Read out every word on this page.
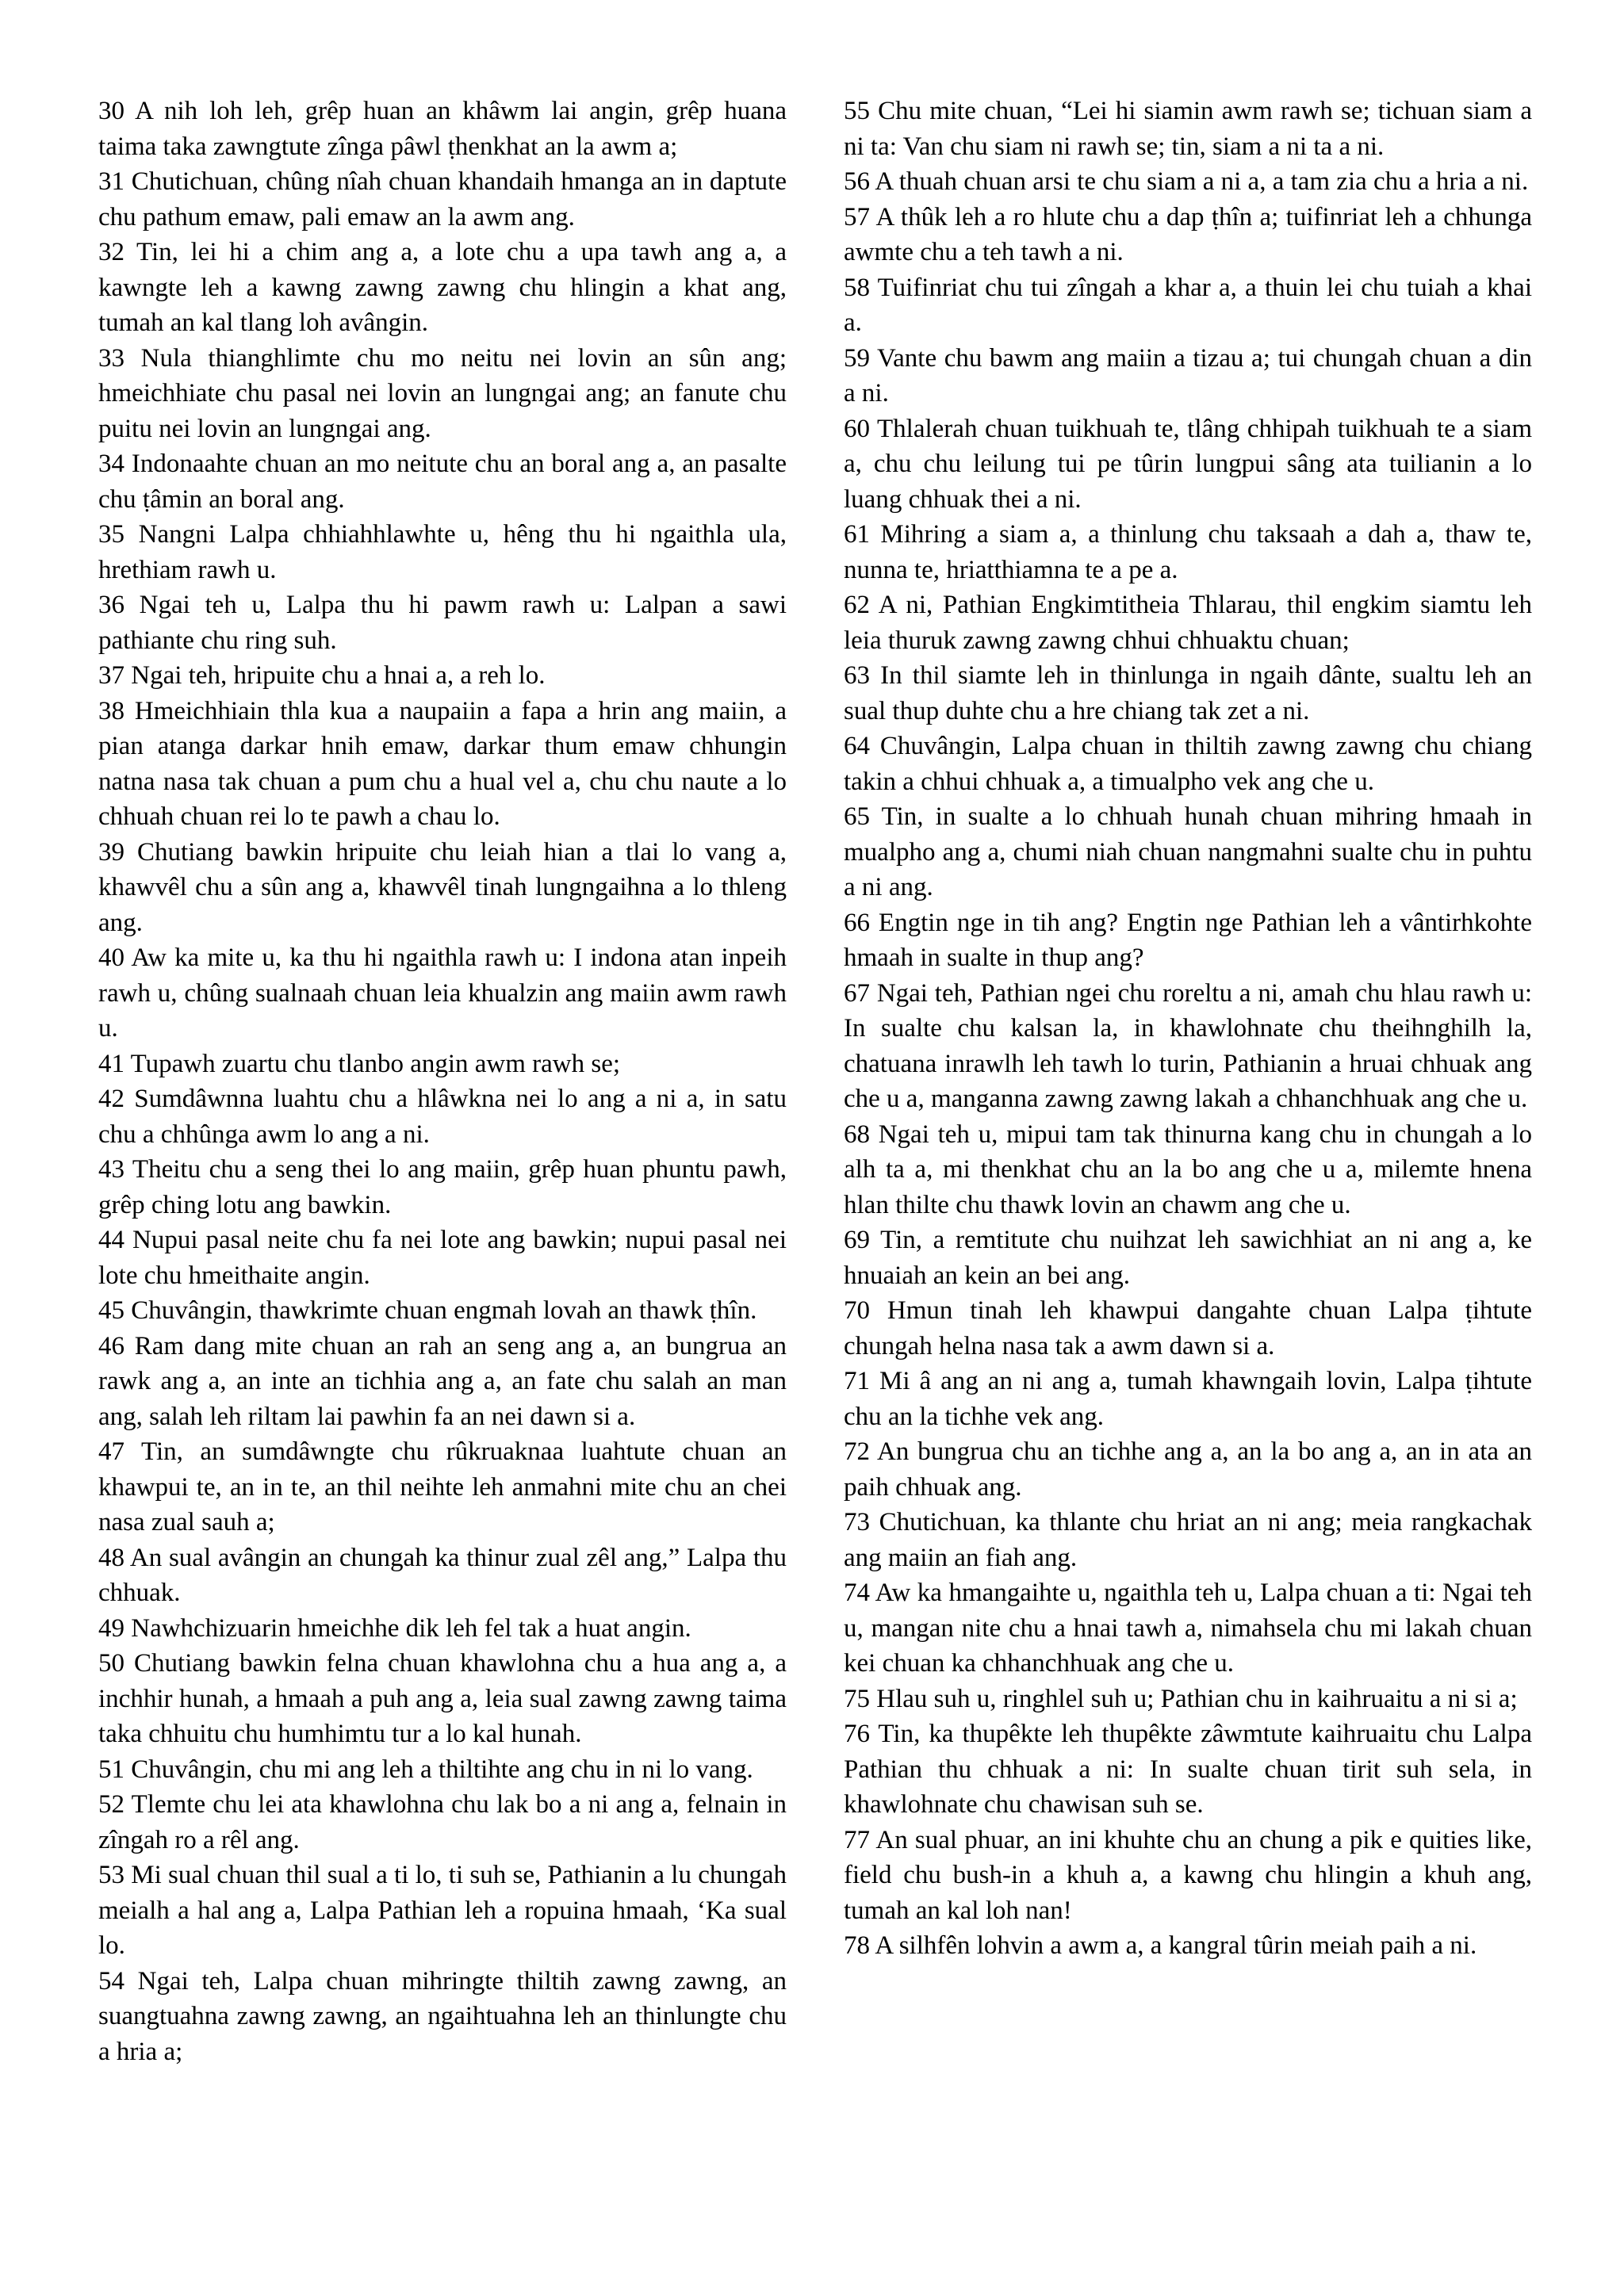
30 A nih loh leh, grêp huan an khâwm lai angin, grêp huana taima taka zawngtute zînga pâwl ṭhenkhat an la awm a;

31 Chutichuan, chûng nîah chuan khandaih hmanga an in daptute chu pathum emaw, pali emaw an la awm ang.

32 Tin, lei hi a chim ang a, a lote chu a upa tawh ang a, a kawngte leh a kawng zawng zawng chu hlingin a khat ang, tumah an kal tlang loh avângin.

33 Nula thianghlimte chu mo neitu nei lovin an sûn ang; hmeichhiate chu pasal nei lovin an lungngai ang; an fanute chu puitu nei lovin an lungngai ang.

34 Indonaahte chuan an mo neitute chu an boral ang a, an pasalte chu ṭâmin an boral ang.

35 Nangni Lalpa chhiahhlawhte u, hêng thu hi ngaithla ula, hrethiam rawh u.

36 Ngai teh u, Lalpa thu hi pawm rawh u: Lalpan a sawi pathiante chu ring suh.

37 Ngai teh, hripuite chu a hnai a, a reh lo.

38 Hmeichhiain thla kua a naupaiin a fapa a hrin ang maiin, a pian atanga darkar hnih emaw, darkar thum emaw chhungin natna nasa tak chuan a pum chu a hual vel a, chu chu naute a lo chhuah chuan rei lo te pawh a chau lo.

39 Chutiang bawkin hripuite chu leiah hian a tlai lo vang a, khawvêl chu a sûn ang a, khawvêl tinah lungngaihna a lo thleng ang.

40 Aw ka mite u, ka thu hi ngaithla rawh u: I indona atan inpeih rawh u, chûng sualnaah chuan leia khualzin ang maiin awm rawh u.

41 Tupawh zuartu chu tlanbo angin awm rawh se;

42 Sumdâwnna luahtu chu a hlâwkna nei lo ang a ni a, in satu chu a chhûnga awm lo ang a ni.

43 Theitu chu a seng thei lo ang maiin, grêp huan phuntu pawh, grêp ching lotu ang bawkin.

44 Nupui pasal neite chu fa nei lote ang bawkin; nupui pasal nei lote chu hmeithaite angin.

45 Chuvângin, thawkrimte chuan engmah lovah an thawk ṭhîn.

46 Ram dang mite chuan an rah an seng ang a, an bungrua an rawk ang a, an inte an tichhia ang a, an fate chu salah an man ang, salah leh riltam lai pawhin fa an nei dawn si a.

47 Tin, an sumdâwngte chu rûkruaknaa luahtute chuan an khawpui te, an in te, an thil neihte leh anmahni mite chu an chei nasa zual sauh a;

48 An sual avângin an chungah ka thinur zual zêl ang,” Lalpa thu chhuak.

49 Nawhchizuarin hmeichhe dik leh fel tak a huat angin.

50 Chutiang bawkin felna chuan khawlohna chu a hua ang a, a inchhir hunah, a hmaah a puh ang a, leia sual zawng zawng taima taka chhuitu chu humhimtu tur a lo kal hunah.

51 Chuvângin, chu mi ang leh a thiltihte ang chu in ni lo vang.

52 Tlemte chu lei ata khawlohna chu lak bo a ni ang a, felnain in zîngah ro a rêl ang.

53 Mi sual chuan thil sual a ti lo, ti suh se, Pathianin a lu chungah meialh a hal ang a, Lalpa Pathian leh a ropuina hmaah, ‘Ka sual lo.

54 Ngai teh, Lalpa chuan mihringte thiltih zawng zawng, an suangtuahna zawng zawng, an ngaihtuahna leh an thinlungte chu a hria a;

55 Chu mite chuan, “Lei hi siamin awm rawh se; tichuan siam a ni ta: Van chu siam ni rawh se; tin, siam a ni ta a ni.

56 A thuah chuan arsi te chu siam a ni a, a tam zia chu a hria a ni.

57 A thûk leh a ro hlute chu a dap ṭhîn a; tuifinriat leh a chhunga awmte chu a teh tawh a ni.

58 Tuifinriat chu tui zîngah a khar a, a thuin lei chu tuiah a khai a.

59 Vante chu bawm ang maiin a tizau a; tui chungah chuan a din a ni.

60 Thlalerah chuan tuikhuah te, tlâng chhipah tuikhuah te a siam a, chu chu leilung tui pe tûrin lungpui sâng ata tuilianin a lo luang chhuak thei a ni.

61 Mihring a siam a, a thinlung chu taksaah a dah a, thaw te, nunna te, hriatthiamna te a pe a.

62 A ni, Pathian Engkimtitheia Thlarau, thil engkim siamtu leh leia thuruk zawng zawng chhui chhuaktu chuan;

63 In thil siamte leh in thinlunga in ngaih dânte, sualtu leh an sual thup duhte chu a hre chiang tak zet a ni.

64 Chuvângin, Lalpa chuan in thiltih zawng zawng chu chiang takin a chhui chhuak a, a timualpho vek ang che u.

65 Tin, in sualte a lo chhuah hunah chuan mihring hmaah in mualpho ang a, chumi niah chuan nangmahni sualte chu in puhtu a ni ang.

66 Engtin nge in tih ang? Engtin nge Pathian leh a vântirhkohte hmaah in sualte in thup ang?

67 Ngai teh, Pathian ngei chu roreltu a ni, amah chu hlau rawh u: In sualte chu kalsan la, in khawlohnate chu theihnghilh la, chatuana inrawlh leh tawh lo turin, Pathianin a hruai chhuak ang che u a, manganna zawng zawng lakah a chhanchhuak ang che u.

68 Ngai teh u, mipui tam tak thinurna kang chu in chungah a lo alh ta a, mi thenkhat chu an la bo ang che u a, milemte hnena hlan thilte chu thawk lovin an chawm ang che u.

69 Tin, a remtitute chu nuihzat leh sawichhiat an ni ang a, ke hnuaiah an kein an bei ang.

70 Hmun tinah leh khawpui dangahte chuan Lalpa ṭihtute chungah helna nasa tak a awm dawn si a.

71 Mi â ang an ni ang a, tumah khawngaih lovin, Lalpa ṭihtute chu an la tichhe vek ang.

72 An bungrua chu an tichhe ang a, an la bo ang a, an in ata an paih chhuak ang.

73 Chutichuan, ka thlante chu hriat an ni ang; meia rangkachak ang maiin an fiah ang.

74 Aw ka hmangaihte u, ngaithla teh u, Lalpa chuan a ti: Ngai teh u, mangan nite chu a hnai tawh a, nimahsela chu mi lakah chuan kei chuan ka chhanchhuak ang che u.

75 Hlau suh u, ringhlel suh u; Pathian chu in kaihruaitu a ni si a;

76 Tin, ka thupêkte leh thupêkte zâwmtute kaihruaitu chu Lalpa Pathian thu chhuak a ni: In sualte chuan tirit suh sela, in khawlohnate chu chawisan suh se.

77 An sual phuar, an ini khuhte chu an chung a pik e quities like, field chu bush-in a khuh a, a kawng chu hlingin a khuh ang, tumah an kal loh nan!

78 A silhfên lohvin a awm a, a kangral tûrin meiah paih a ni.
